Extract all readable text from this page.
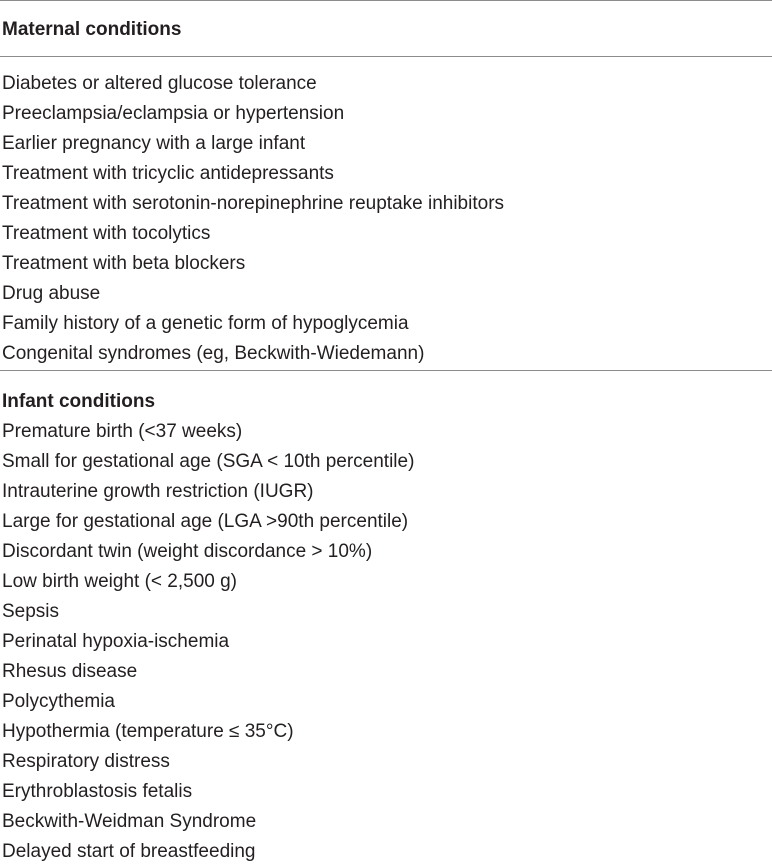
Maternal conditions
Diabetes or altered glucose tolerance
Preeclampsia/eclampsia or hypertension
Earlier pregnancy with a large infant
Treatment with tricyclic antidepressants
Treatment with serotonin-norepinephrine reuptake inhibitors
Treatment with tocolytics
Treatment with beta blockers
Drug abuse
Family history of a genetic form of hypoglycemia
Congenital syndromes (eg, Beckwith-Wiedemann)
Infant conditions
Premature birth (<37 weeks)
Small for gestational age (SGA < 10th percentile)
Intrauterine growth restriction (IUGR)
Large for gestational age (LGA >90th percentile)
Discordant twin (weight discordance > 10%)
Low birth weight (< 2,500 g)
Sepsis
Perinatal hypoxia-ischemia
Rhesus disease
Polycythemia
Hypothermia (temperature ≤ 35°C)
Respiratory distress
Erythroblastosis fetalis
Beckwith-Weidman Syndrome
Delayed start of breastfeeding
